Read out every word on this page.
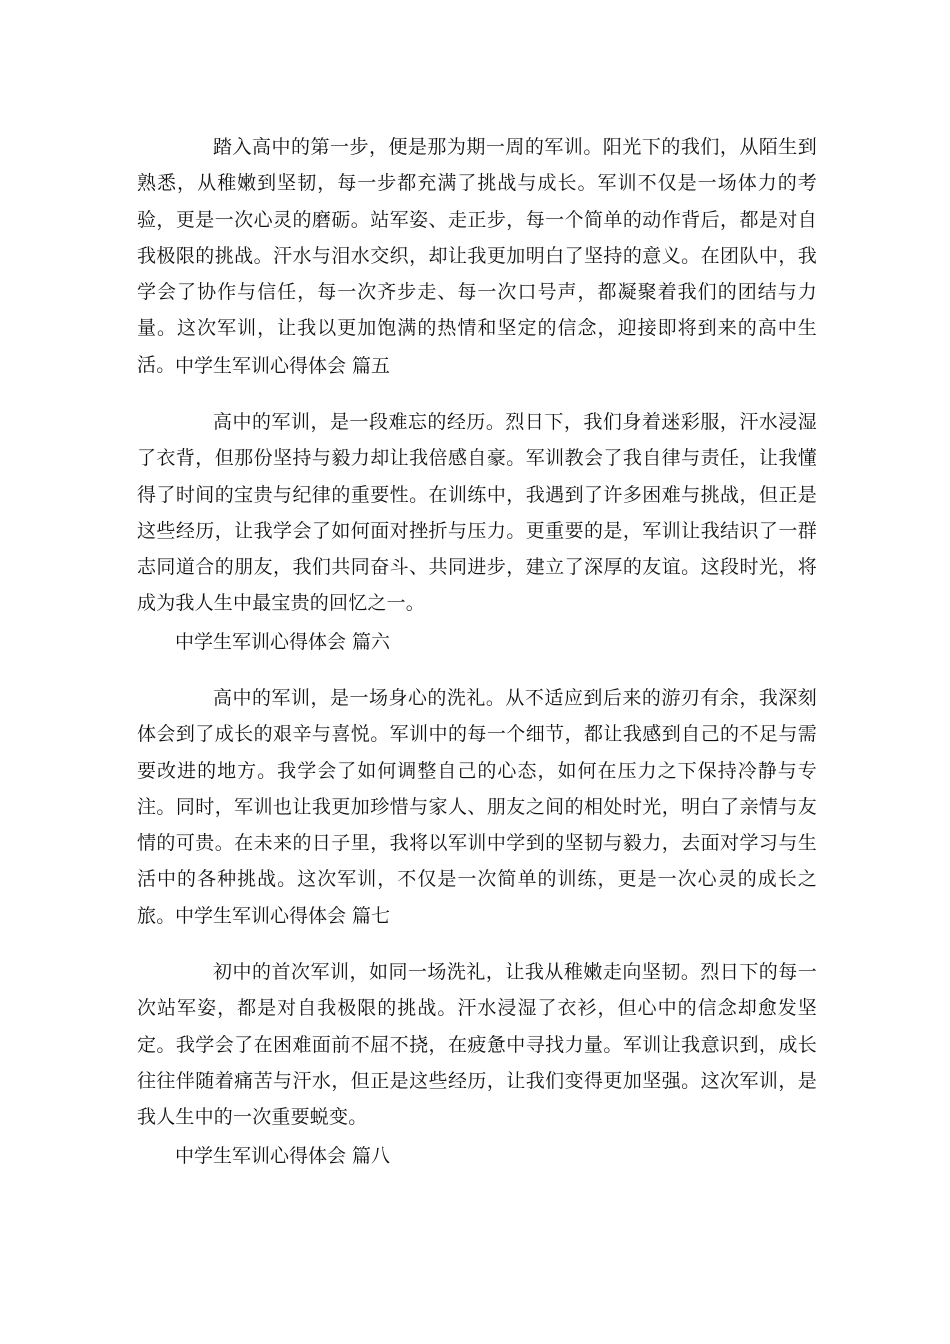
踏入高中的第一步，便是那为期一周的军训。阳光下的我们，从陌生到熟悉，从稚嫩到坚韧，每一步都充满了挑战与成长。军训不仅是一场体力的考验，更是一次心灵的磨砺。站军姿、走正步，每一个简单的动作背后，都是对自我极限的挑战。汗水与泪水交织，却让我更加明白了坚持的意义。在团队中，我学会了协作与信任，每一次齐步走、每一次口号声，都凝聚着我们的团结与力量。这次军训，让我以更加饱满的热情和坚定的信念，迎接即将到来的高中生活。 中学生军训心得体会 篇五

高中的军训，是一段难忘的经历。烈日下，我们身着迷彩服，汗水浸湿了衣背，但那份坚持与毅力却让我倍感自豪。军训教会了我自律与责任，让我懂得了时间的宝贵与纪律的重要性。在训练中，我遇到了许多困难与挑战，但正是这些经历，让我学会了如何面对挫折与压力。更重要的是，军训让我结识了一群志同道合的朋友，我们共同奋斗、共同进步，建立了深厚的友谊。这段时光，将成为我人生中最宝贵的回忆之一。

中学生军训心得体会 篇六

高中的军训，是一场身心的洗礼。从不适应到后来的游刃有余，我深刻体会到了成长的艰辛与喜悦。军训中的每一个细节，都让我感到自己的不足与需要改进的地方。我学会了如何调整自己的心态，如何在压力之下保持冷静与专注。同时，军训也让我更加珍惜与家人、朋友之间的相处时光，明白了亲情与友情的可贵。在未来的日子里，我将以军训中学到的坚韧与毅力，去面对学习与生活中的各种挑战。这次军训，不仅是一次简单的训练，更是一次心灵的成长之旅。 中学生军训心得体会 篇七

初中的首次军训，如同一场洗礼，让我从稚嫩走向坚韧。烈日下的每一次站军姿，都是对自我极限的挑战。汗水浸湿了衣衫，但心中的信念却愈发坚定。我学会了在困难面前不屈不挠，在疲惫中寻找力量。军训让我意识到，成长往往伴随着痛苦与汗水，但正是这些经历，让我们变得更加坚强。这次军训，是我人生中的一次重要蜕变。

中学生军训心得体会 篇八
